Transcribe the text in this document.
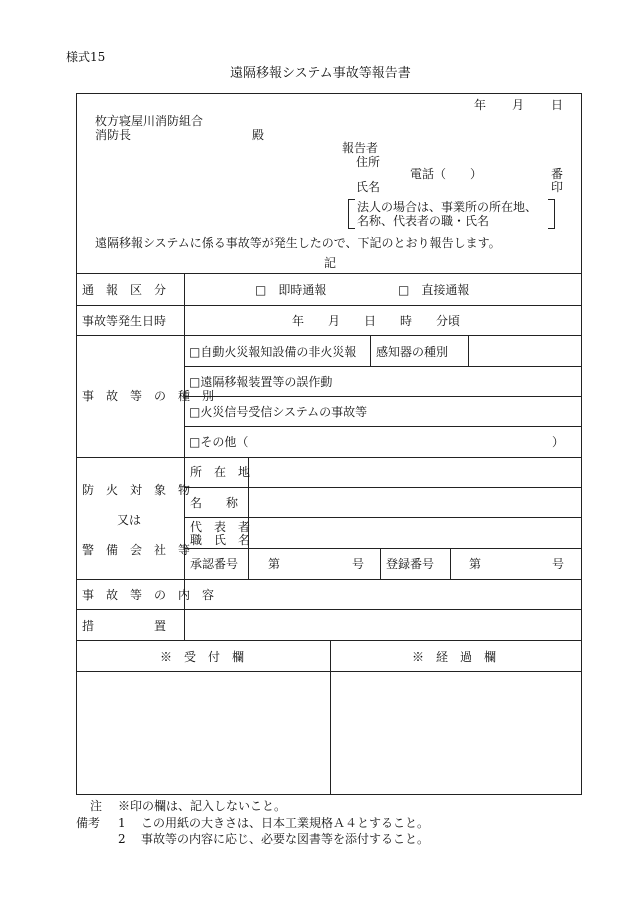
様式15
遠隔移報システム事故等報告書
年 月 日
枚方寝屋川消防組合
消防長	殿
報告者
住所
電話（　　）	番
氏名	印
法人の場合は、事業所の所在地、
名称、代表者の職・氏名
遠隔移報システムに係る事故等が発生したので、下記のとおり報告します。
記
通　報　区　分	□　即時通報	□　直接通報
事故等発生日時	年　　月　　日　　時　　分頃
事　故　等　の　種　別
□自動火災報知設備の非火災報 感知器の種別
□遠隔移報装置等の誤作動
□火災信号受信システムの事故等
□その他（	）
防　火　対　象　物
又は
警　備　会　社　等
所　在　地
名　　称
代　表　者
職　氏　名
承認番号 第	号 登録番号	第	号
事　故　等　の　内　容
措　　　　　置
※　受　付　欄	※　経　過　欄
注 ※印の欄は、記入しないこと。
備考 1 この用紙の大きさは、日本工業規格Ａ４とすること。
2 事故等の内容に応じ、必要な図書等を添付すること。
